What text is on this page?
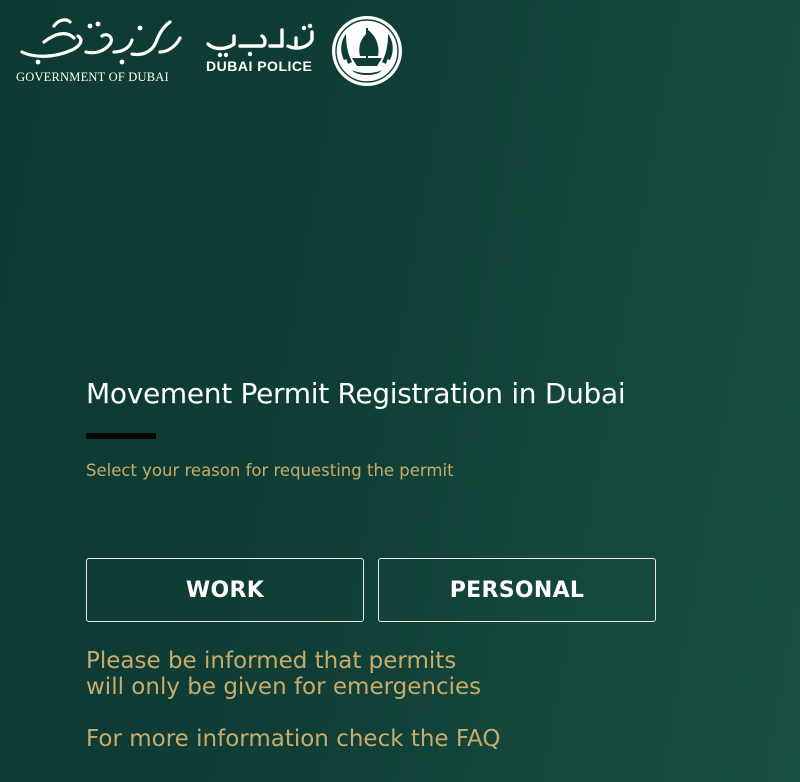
GOVERNMENT OF DUBAI
DUBAI POLICE
Movement Permit Registration in Dubai
Select your reason for requesting the permit
WORK	PERSONAL
Please be informed that permits
will only be given for emergencies
For more information check the FAQ
